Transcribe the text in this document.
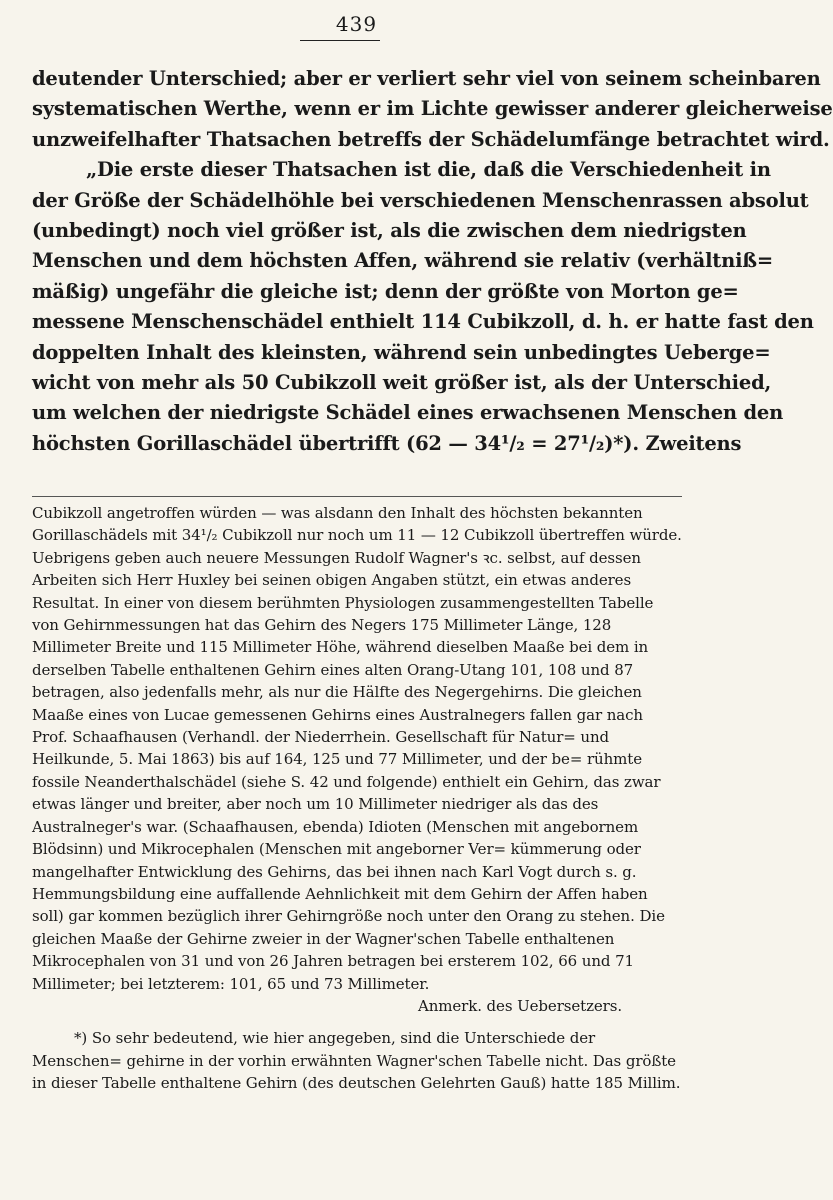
439
deutender Unterschied; aber er verliert sehr viel von seinem scheinbaren
systematischen Werthe, wenn er im Lichte gewisser anderer gleicherweise
unzweifelhafter Thatsachen betreffs der Schädelumfänge betrachtet wird.
„Die erste dieser Thatsachen ist die, daß die Verschiedenheit in
der Größe der Schädelhöhle bei verschiedenen Menschenrassen absolut
(unbedingt) noch viel größer ist, als die zwischen dem niedrigsten
Menschen und dem höchsten Affen, während sie relativ (verhältniß=
mäßig) ungefähr die gleiche ist; denn der größte von Morton ge=
messene Menschenschädel enthielt 114 Cubikzoll, d. h. er hatte fast den
doppelten Inhalt des kleinsten, während sein unbedingtes Ueberge=
wicht von mehr als 50 Cubikzoll weit größer ist, als der Unterschied,
um welchen der niedrigste Schädel eines erwachsenen Menschen den
höchsten Gorillaschädel übertrifft (62 — 34¹/₂ = 27¹/₂)*). Zweitens
Cubikzoll angetroffen würden — was alsdann den Inhalt des höchsten bekannten Gorillaschädels mit 34¹/₂ Cubikzoll nur noch um 11 — 12 Cubikzoll übertreffen würde. Uebrigens geben auch neuere Messungen Rudolf Wagner's ꝛc. selbst, auf dessen Arbeiten sich Herr Huxley bei seinen obigen Angaben stützt, ein etwas anderes Resultat. In einer von diesem berühmten Physiologen zusammengestellten Tabelle von Gehirnmessungen hat das Gehirn des Negers 175 Millimeter Länge, 128 Millimeter Breite und 115 Millimeter Höhe, während dieselben Maaße bei dem in derselben Tabelle enthaltenen Gehirn eines alten Orang-Utang 101, 108 und 87 betragen, also jedenfalls mehr, als nur die Hälfte des Negergehirns. Die gleichen Maaße eines von Lucae gemessenen Gehirns eines Australnegers fallen gar nach Prof. Schaafhausen (Verhandl. der Niederrhein. Gesellschaft für Natur= und Heilkunde, 5. Mai 1863) bis auf 164, 125 und 77 Millimeter, und der be= rühmte fossile Neanderthalschädel (siehe S. 42 und folgende) enthielt ein Gehirn, das zwar etwas länger und breiter, aber noch um 10 Millimeter niedriger als das des Australneger's war. (Schaafhausen, ebenda) Idioten (Menschen mit angebornem Blödsinn) und Mikrocephalen (Menschen mit angeborner Ver= kümmerung oder mangelhafter Entwicklung des Gehirns, das bei ihnen nach Karl Vogt durch s. g. Hemmungsbildung eine auffallende Aehnlichkeit mit dem Gehirn der Affen haben soll) gar kommen bezüglich ihrer Gehirngröße noch unter den Orang zu stehen. Die gleichen Maaße der Gehirne zweier in der Wagner'schen Tabelle enthaltenen Mikrocephalen von 31 und von 26 Jahren betragen bei ersterem 102, 66 und 71 Millimeter; bei letzterem: 101, 65 und 73 Millimeter.
Anmerk. des Uebersetzers.
*) So sehr bedeutend, wie hier angegeben, sind die Unterschiede der Menschen= gehirne in der vorhin erwähnten Wagner'schen Tabelle nicht. Das größte in dieser Tabelle enthaltene Gehirn (des deutschen Gelehrten Gauß) hatte 185 Millim.
